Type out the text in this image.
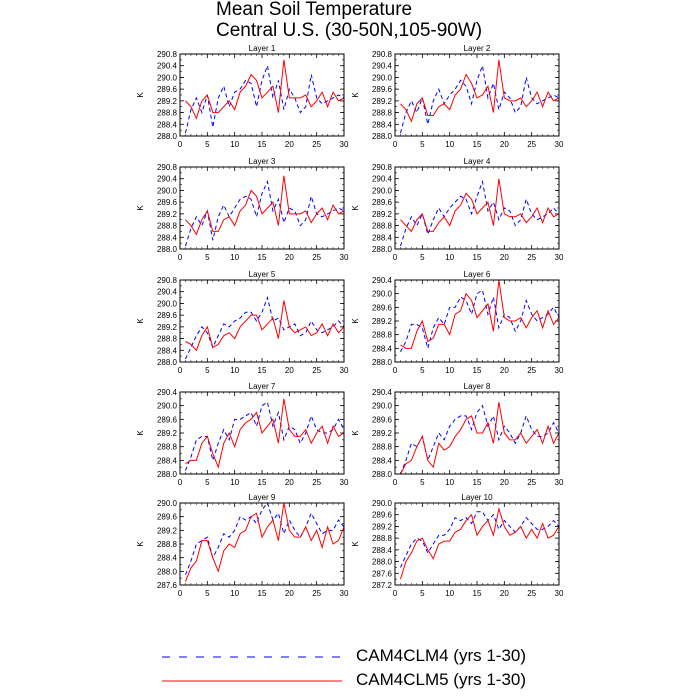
Mean Soil Temperature
Central U.S. (30-50N,105-90W)
Layer 1
K
288.0
288.4
288.8
289.2
289.6
290.0
290.4
290.8
0	5	10 15 20 25 30
Layer 2
K
288.0
288.4
288.8
289.2
289.6
290.0
290.4
290.8
0	5	10 15 20 25 30
Layer 3
K
288.0
288.4
288.8
289.2
289.6
290.0
290.4
290.8
0	5	10 15 20 25 30
Layer 4
K
288.0
288.4
288.8
289.2
289.6
290.0
290.4
290.8
0	5	10 15 20 25 30
Layer 5
K
288.0
288.4
288.8
289.2
289.6
290.0
290.4
290.8
0	5	10 15 20 25 30
Layer 6
K
288.0
288.4
288.8
289.2
289.6
290.0
290.4
0	5	10 15 20 25 30
Layer 7
K
288.0
288.4
288.8
289.2
289.6
290.0
290.4
0	5	10 15 20 25 30
Layer 8
K
288.0
288.4
288.8
289.2
289.6
290.0
290.4
0	5	10 15 20 25 30
Layer 9
K
287.6
288.0
288.4
288.8
289.2
289.6
290.0
0	5	10 15 20 25 30
Layer 10
K
287.2
287.6
288.0
288.4
288.8
289.2
289.6
290.0
0	5	10 15 20 25 30
CAM4CLM4 (yrs 1-30)
CAM4CLM5 (yrs 1-30)
